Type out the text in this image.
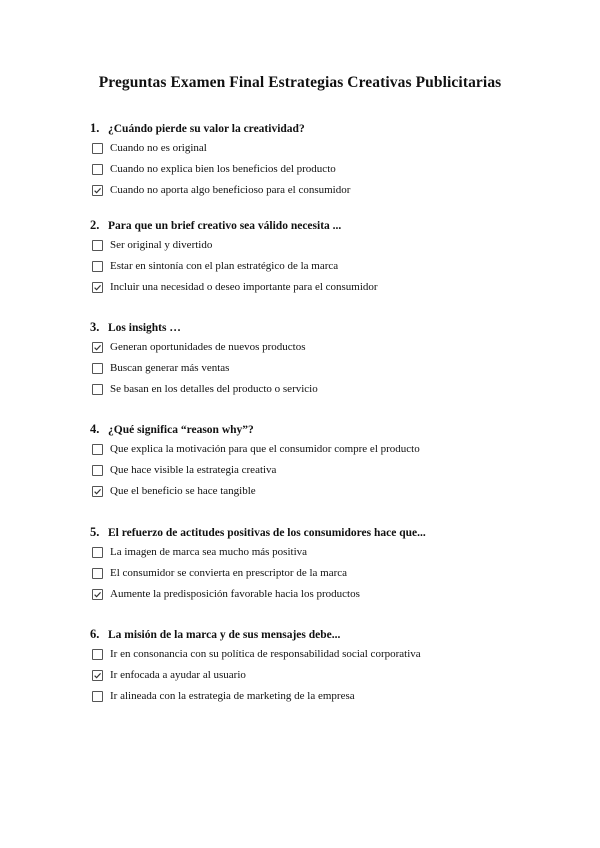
Preguntas Examen Final Estrategias Creativas Publicitarias
1. ¿Cuándo pierde su valor la creatividad?
Cuando no es original
Cuando no explica bien los beneficios del producto
Cuando no aporta algo beneficioso para el consumidor
2. Para que un brief creativo sea válido necesita ...
Ser original y divertido
Estar en sintonía con el plan estratégico de la marca
Incluir una necesidad o deseo importante para el consumidor
3. Los insights …
Generan oportunidades de nuevos productos
Buscan generar más ventas
Se basan en los detalles del producto o servicio
4. ¿Qué significa “reason why”?
Que explica la motivación para que el consumidor compre el producto
Que hace visible la estrategia creativa
Que el beneficio se hace tangible
5. El refuerzo de actitudes positivas de los consumidores hace que...
La imagen de marca sea mucho más positiva
El consumidor se convierta en prescriptor de la marca
Aumente la predisposición favorable hacia los productos
6. La misión de la marca y de sus mensajes debe...
Ir en consonancia con su política de responsabilidad social corporativa
Ir enfocada a ayudar al usuario
Ir alineada con la estrategia de marketing de la empresa
